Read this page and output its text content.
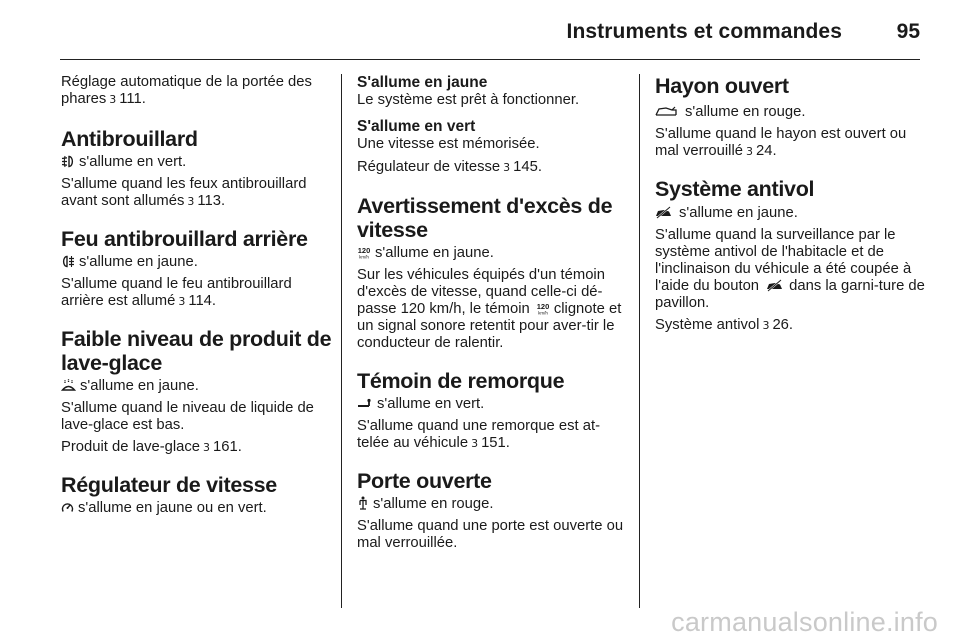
Instruments et commandes	95

Réglage automatique de la portée des phares 3 111.

Antibrouillard

s'allume en vert.

S'allume quand les feux antibrouillard avant sont allumés 3 113.

Feu antibrouillard arrière

s'allume en jaune.

S'allume quand le feu antibrouillard arrière est allumé 3 114.

Faible niveau de produit de lave-glace

s'allume en jaune.

S'allume quand le niveau de liquide de lave-glace est bas.

Produit de lave-glace 3 161.

Régulateur de vitesse

s'allume en jaune ou en vert.

S'allume en jaune

Le système est prêt à fonctionner.

S'allume en vert

Une vitesse est mémorisée.

Régulateur de vitesse 3 145.

Avertissement d'excès de vitesse

120
km/h s'allume en jaune.

Sur les véhicules équipés d'un témoin d'excès de vitesse, quand celle-ci dé-passe 120 km/h, le témoin 120
km/h clignote et un signal sonore retentit pour aver-tir le conducteur de ralentir.

Témoin de remorque

s'allume en vert.

S'allume quand une remorque est at-telée au véhicule 3 151.

Porte ouverte

s'allume en rouge.

S'allume quand une porte est ouverte ou mal verrouillée.

Hayon ouvert

s'allume en rouge.

S'allume quand le hayon est ouvert ou mal verrouillé 3 24.

Système antivol

s'allume en jaune.

S'allume quand la surveillance par le système antivol de l'habitacle et de l'inclinaison du véhicule a été coupée à l'aide du bouton dans la garni-ture de pavillon.

Système antivol 3 26.

carmanualsonline.info
